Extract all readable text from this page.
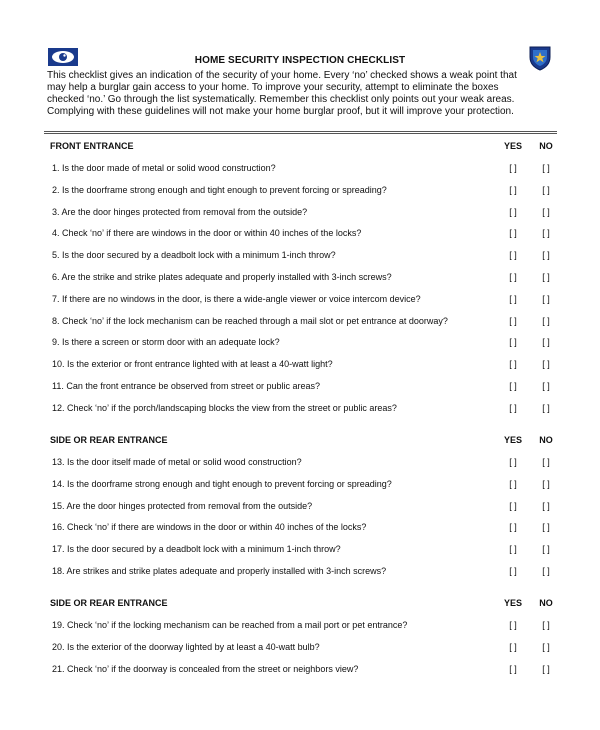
HOME SECURITY INSPECTION CHECKLIST

This checklist gives an indication of the security of your home. Every ‘no’ checked shows a weak point that

may help a burglar gain access to your home. To improve your security, attempt to eliminate the boxes

checked ‘no.’ Go through the list systematically. Remember this checklist only points out your weak areas.

Complying with these guidelines will not make your home burglar proof, but it will improve your protection.

FRONT ENTRANCE	YES	NO
1. Is the door made of metal or solid wood construction?	[ ]	[ ]
2. Is the doorframe strong enough and tight enough to prevent forcing or spreading?	[ ]	[ ]
3. Are the door hinges protected from removal from the outside?	[ ]	[ ]
4. Check ‘no’ if there are windows in the door or within 40 inches of the locks?	[ ]	[ ]
5. Is the door secured by a deadbolt lock with a minimum 1-inch throw?	[ ]	[ ]
6. Are the strike and strike plates adequate and properly installed with 3-inch screws?	[ ]	[ ]
7. If there are no windows in the door, is there a wide-angle viewer or voice intercom device?	[ ]	[ ]
8. Check ‘no’ if the lock mechanism can be reached through a mail slot or pet entrance at doorway?	[ ]	[ ]
9. Is there a screen or storm door with an adequate lock?	[ ]	[ ]
10. Is the exterior or front entrance lighted with at least a 40-watt light?	[ ]	[ ]
11. Can the front entrance be observed from street or public areas?	[ ]	[ ]
12. Check ‘no’ if the porch/landscaping blocks the view from the street or public areas?	[ ]	[ ]
SIDE OR REAR ENTRANCE	YES	NO
13. Is the door itself made of metal or solid wood construction?	[ ]	[ ]
14. Is the doorframe strong enough and tight enough to prevent forcing or spreading?	[ ]	[ ]
15. Are the door hinges protected from removal from the outside?	[ ]	[ ]
16. Check ‘no’ if there are windows in the door or within 40 inches of the locks?	[ ]	[ ]
17. Is the door secured by a deadbolt lock with a minimum 1-inch throw?	[ ]	[ ]
18. Are strikes and strike plates adequate and properly installed with 3-inch screws?	[ ]	[ ]
SIDE OR REAR ENTRANCE	YES	NO
19. Check ‘no’ if the locking mechanism can be reached from a mail port or pet entrance?	[ ]	[ ]
20. Is the exterior of the doorway lighted by at least a 40-watt bulb?	[ ]	[ ]
21. Check ‘no’ if the doorway is concealed from the street or neighbors view?	[ ]	[ ]
